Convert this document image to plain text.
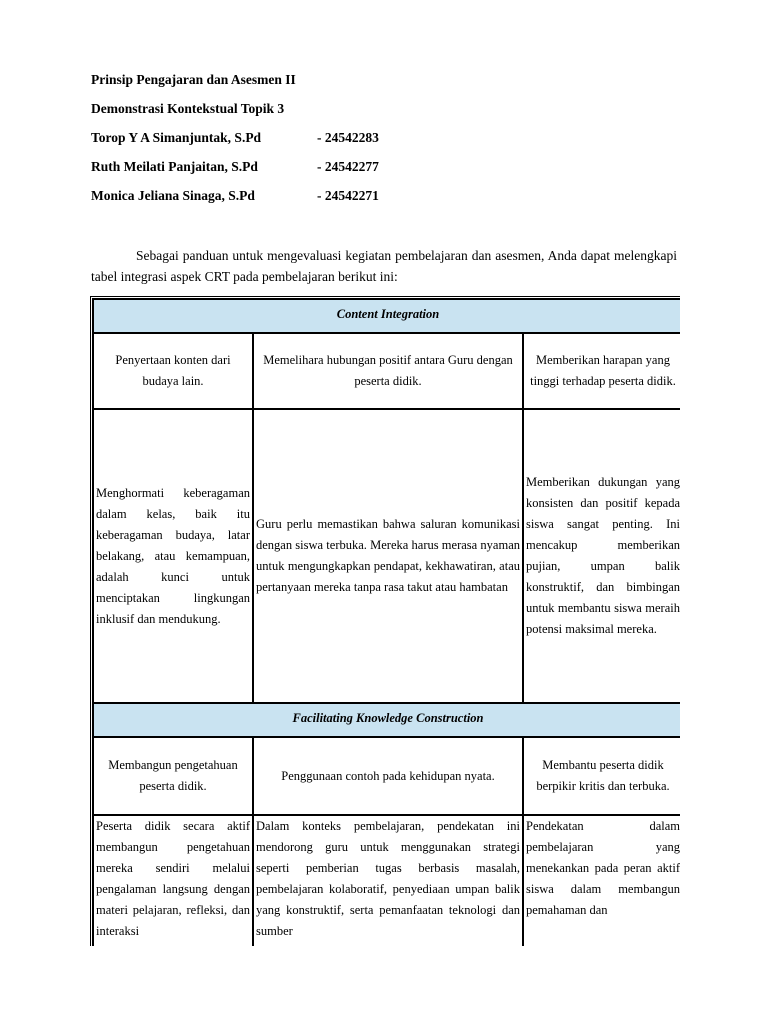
Prinsip Pengajaran dan Asesmen II
Demonstrasi Kontekstual Topik 3
Torop Y A Simanjuntak, S.Pd	- 24542283
Ruth Meilati Panjaitan, S.Pd	- 24542277
Monica Jeliana Sinaga, S.Pd	- 24542271
Sebagai panduan untuk mengevaluasi kegiatan pembelajaran dan asesmen, Anda dapat melengkapi tabel integrasi aspek CRT pada pembelajaran berikut ini:
Content Integration		
Penyertaan konten dari budaya lain.	Memelihara hubungan positif antara Guru dengan peserta didik.	Memberikan harapan yang tinggi terhadap peserta didik.
Menghormati keberagaman dalam kelas, baik itu keberagaman budaya, latar belakang, atau kemampuan, adalah kunci untuk menciptakan lingkungan inklusif dan mendukung.	Guru perlu memastikan bahwa saluran komunikasi dengan siswa terbuka. Mereka harus merasa nyaman untuk mengungkapkan pendapat, kekhawatiran, atau pertanyaan mereka tanpa rasa takut atau hambatan	Memberikan dukungan yang konsisten dan positif kepada siswa sangat penting. Ini mencakup memberikan pujian, umpan balik konstruktif, dan bimbingan untuk membantu siswa meraih potensi maksimal mereka.
Facilitating Knowledge Construction		
Membangun pengetahuan peserta didik.	Penggunaan contoh pada kehidupan nyata.	Membantu peserta didik berpikir kritis dan terbuka.
Peserta didik secara aktif membangun pengetahuan mereka sendiri melalui pengalaman langsung dengan materi pelajaran, refleksi, dan interaksi	Dalam konteks pembelajaran, pendekatan ini mendorong guru untuk menggunakan strategi seperti pemberian tugas berbasis masalah, pembelajaran kolaboratif, penyediaan umpan balik yang konstruktif, serta pemanfaatan teknologi dan sumber	Pendekatan dalam pembelajaran yang menekankan pada peran aktif siswa dalam membangun pemahaman dan
